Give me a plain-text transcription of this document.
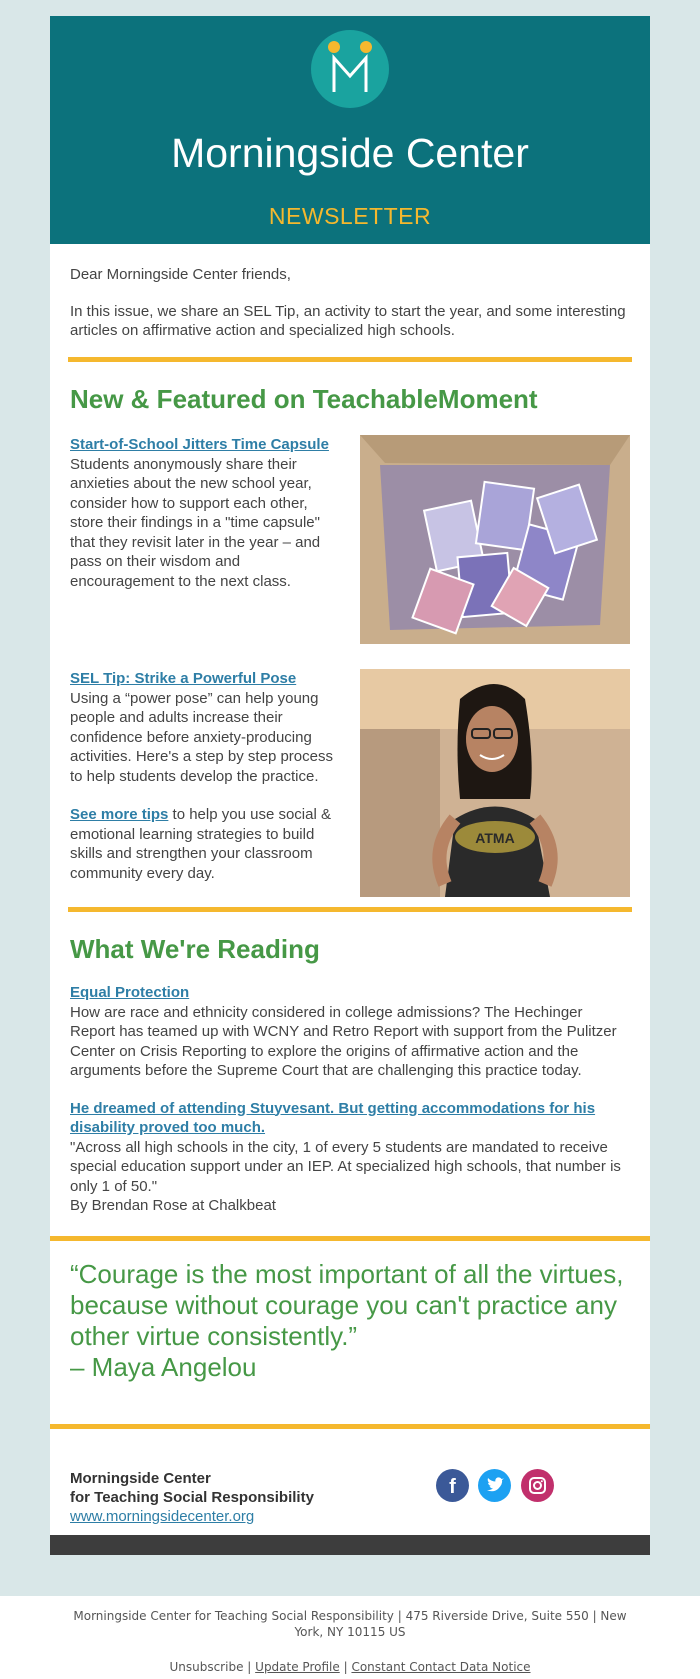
Morningside Center
NEWSLETTER

Dear Morningside Center friends,

In this issue, we share an SEL Tip, an activity to start the year, and some interesting articles on affirmative action and specialized high schools.

New & Featured on TeachableMoment
Start-of-School Jitters Time Capsule
Students anonymously share their anxieties about the new school year, consider how to support each other, store their findings in a "time capsule" that they revisit later in the year – and pass on their wisdom and encouragement to the next class.
SEL Tip: Strike a Powerful Pose
Using a “power pose” can help young people and adults increase their confidence before anxiety-producing activities. Here's a step by step process to help students develop the practice.
See more tips to help you use social & emotional learning strategies to build skills and strengthen your classroom community every day.
ATMA
What We're Reading
Equal Protection
How are race and ethnicity considered in college admissions? The Hechinger Report has teamed up with WCNY and Retro Report with support from the Pulitzer Center on Crisis Reporting to explore the origins of affirmative action and the arguments before the Supreme Court that are challenging this practice today.
He dreamed of attending Stuyvesant. But getting accommodations for his disability proved too much.
"Across all high schools in the city, 1 of every 5 students are mandated to receive special education support under an IEP. At specialized high schools, that number is only 1 of 50."
By Brendan Rose at Chalkbeat
“Courage is the most important of all the virtues, because without courage you can't practice any other virtue consistently.”
– Maya Angelou
Morningside Center
for Teaching Social Responsibility
www.morningsidecenter.org
f

Morningside Center for Teaching Social Responsibility | 475 Riverside Drive, Suite 550 | New York, NY 10115 US
Unsubscribe | Update Profile | Constant Contact Data Notice
